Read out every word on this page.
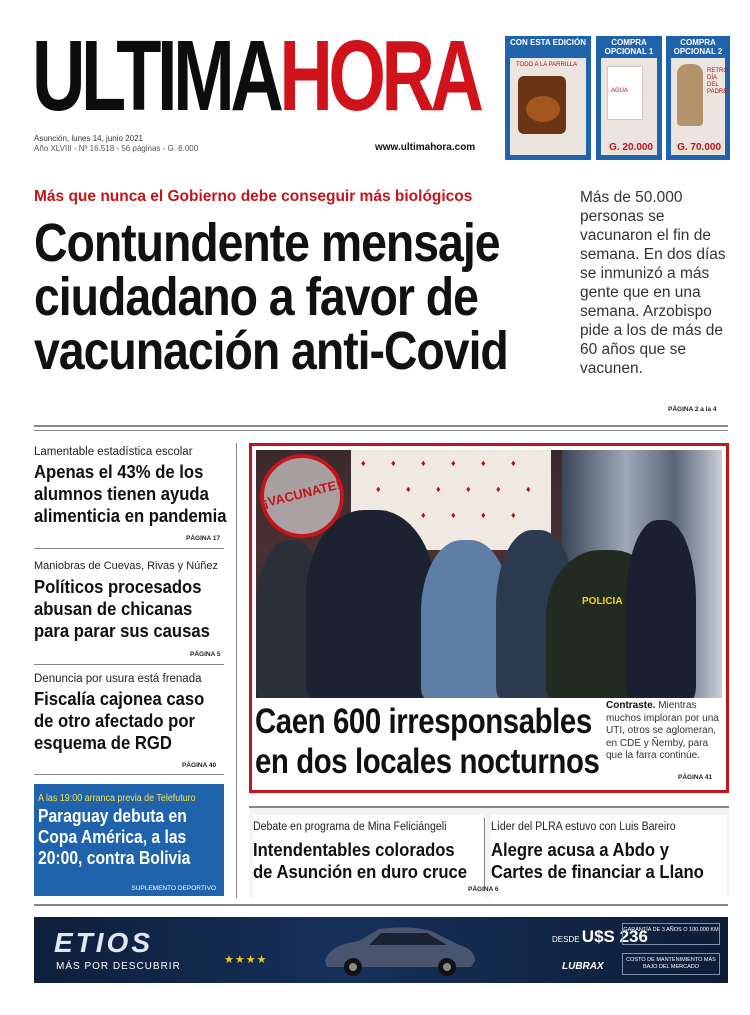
ULTIMAHORA
Asunción, lunes 14, junio 2021
Año XLVIII - Nº 16.518 - 56 páginas - G. 6.000	www.ultimahora.com
CON ESTA EDICIÓN
TODO A LA PARRILLA
COMPRA OPCIONAL 1
AGUA
G. 20.000
COMPRA OPCIONAL 2
RETRO DÍA DEL PADRE
G. 70.000
Más que nunca el Gobierno debe conseguir más biológicos
Contundente mensaje
ciudadano a favor de
vacunación anti-Covid
Más de 50.000 personas se vacunaron el fin de semana. En dos días se inmunizó a más gente que en una semana. Arzobispo pide a los de más de 60 años que se vacunen.
PÁGINA 2 a la 4
Lamentable estadística escolar
Apenas el 43% de los
alumnos tienen ayuda
alimenticia en pandemia
PÁGINA 17
Maniobras de Cuevas, Rivas y Núñez
Políticos procesados
abusan de chicanas
para parar sus causas
PÁGINA 5
Denuncia por usura está frenada
Fiscalía cajonea caso
de otro afectado por
esquema de RGD
PÁGINA 40
♦	♦	♦	♦	♦	♦
♦	♦	♦	♦	♦	♦
♦	♦	♦	♦
¡VACUNATE!
POLICIA
Caen 600 irresponsables
en dos locales nocturnos
Contraste. Mientras muchos imploran por una UTI, otros se aglomeran, en CDE y Ñemby, para que la farra continúe.
PÁGINA 41
A las 19:00 arranca previa de Telefuturo
Paraguay debuta en
Copa América, a las
20:00, contra Bolivia
SUPLEMENTO DEPORTIVO
Debate en programa de Mina Feliciángeli
Intendentables colorados
de Asunción en duro cruce
Líder del PLRA estuvo con Luis Bareiro
Alegre acusa a Abdo y
Cartes de financiar a Llano
PÁGINA 6
ETIOS
MÁS POR DESCUBRIR
★★★★
DESDE U$S 236
LUBRAX
GARANTÍA DE 3 AÑOS O 100.000 KM
COSTO DE MANTENIMIENTO MÁS BAJO DEL MERCADO
